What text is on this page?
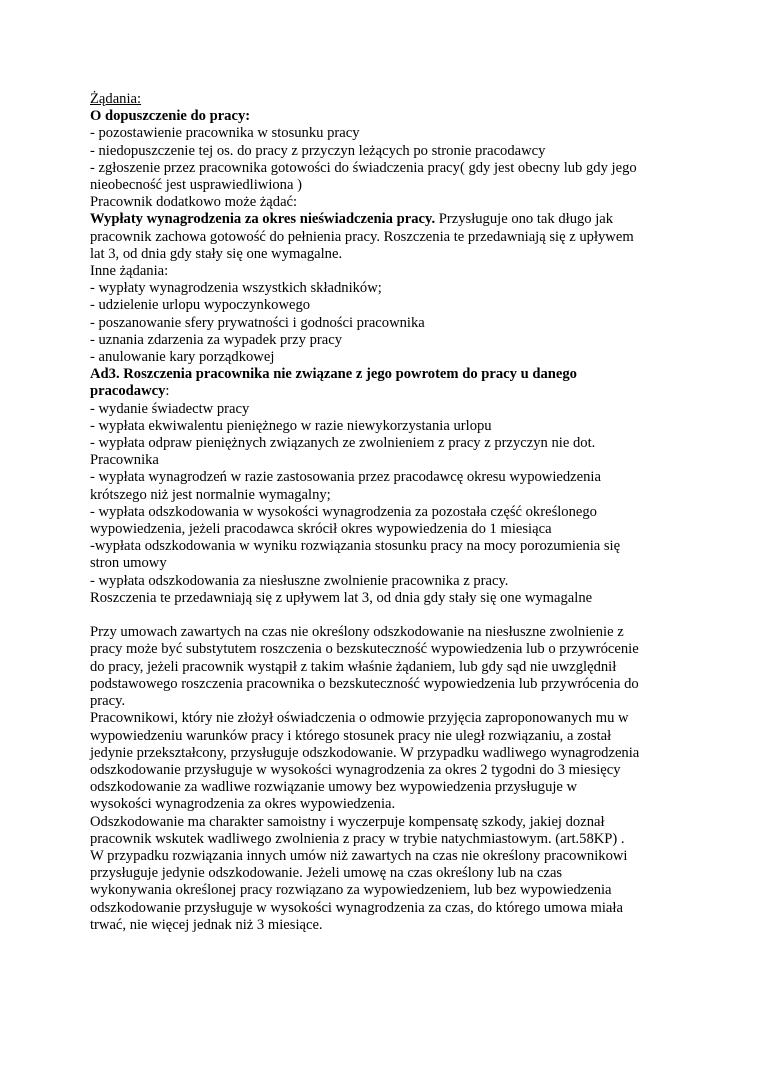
Żądania:
O dopuszczenie do pracy:
- pozostawienie pracownika w stosunku pracy
- niedopuszczenie tej os. do pracy z przyczyn leżących po stronie pracodawcy
- zgłoszenie przez pracownika gotowości do świadczenia pracy( gdy jest obecny lub gdy jego
nieobecność jest usprawiedliwiona )
Pracownik dodatkowo może żądać:
Wypłaty wynagrodzenia za okres nieświadczenia pracy. Przysługuje ono tak długo jak
pracownik zachowa gotowość do pełnienia pracy. Roszczenia te przedawniają się z upływem
lat 3, od dnia gdy stały się one wymagalne.
Inne żądania:
- wypłaty wynagrodzenia wszystkich składników;
- udzielenie urlopu wypoczynkowego
- poszanowanie sfery prywatności i godności pracownika
- uznania zdarzenia za wypadek przy pracy
- anulowanie kary porządkowej
Ad3. Roszczenia pracownika nie związane z jego powrotem do pracy u danego
pracodawcy:
- wydanie świadectw pracy
- wypłata ekwiwalentu pieniężnego w razie niewykorzystania urlopu
- wypłata odpraw pieniężnych związanych ze zwolnieniem z pracy z przyczyn nie dot.
Pracownika
- wypłata wynagrodzeń w razie zastosowania przez pracodawcę okresu wypowiedzenia
krótszego niż jest normalnie wymagalny;
- wypłata odszkodowania w wysokości wynagrodzenia za pozostała część określonego
wypowiedzenia, jeżeli pracodawca skrócił okres wypowiedzenia do 1 miesiąca
-wypłata odszkodowania w wyniku rozwiązania stosunku pracy na mocy porozumienia się
stron umowy
- wypłata odszkodowania za niesłuszne zwolnienie pracownika z pracy.
Roszczenia te przedawniają się z upływem lat 3, od dnia gdy stały się one wymagalne
Przy umowach zawartych na czas nie określony odszkodowanie na niesłuszne zwolnienie z
pracy może być substytutem roszczenia o bezskuteczność wypowiedzenia lub o przywrócenie
do pracy, jeżeli pracownik wystąpił z takim właśnie żądaniem, lub gdy sąd nie uwzględnił
podstawowego roszczenia pracownika o bezskuteczność wypowiedzenia lub przywrócenia do
pracy.
Pracownikowi, który nie złożył oświadczenia o odmowie przyjęcia zaproponowanych mu w
wypowiedzeniu warunków pracy i którego stosunek pracy nie uległ rozwiązaniu, a został
jedynie przekształcony, przysługuje odszkodowanie. W przypadku wadliwego wynagrodzenia
odszkodowanie przysługuje w wysokości wynagrodzenia za okres 2 tygodni do 3 miesięcy
odszkodowanie za wadliwe rozwiązanie umowy bez wypowiedzenia przysługuje w
wysokości wynagrodzenia za okres wypowiedzenia.
Odszkodowanie ma charakter samoistny i wyczerpuje kompensatę szkody, jakiej doznał
pracownik wskutek wadliwego zwolnienia z pracy w trybie natychmiastowym. (art.58KP) .
W przypadku rozwiązania innych umów niż zawartych na czas nie określony pracownikowi
przysługuje jedynie odszkodowanie. Jeżeli umowę na czas określony lub na czas
wykonywania określonej pracy rozwiązano za wypowiedzeniem, lub bez wypowiedzenia
odszkodowanie przysługuje w wysokości wynagrodzenia za czas, do którego umowa miała
trwać, nie więcej jednak niż 3 miesiące.
